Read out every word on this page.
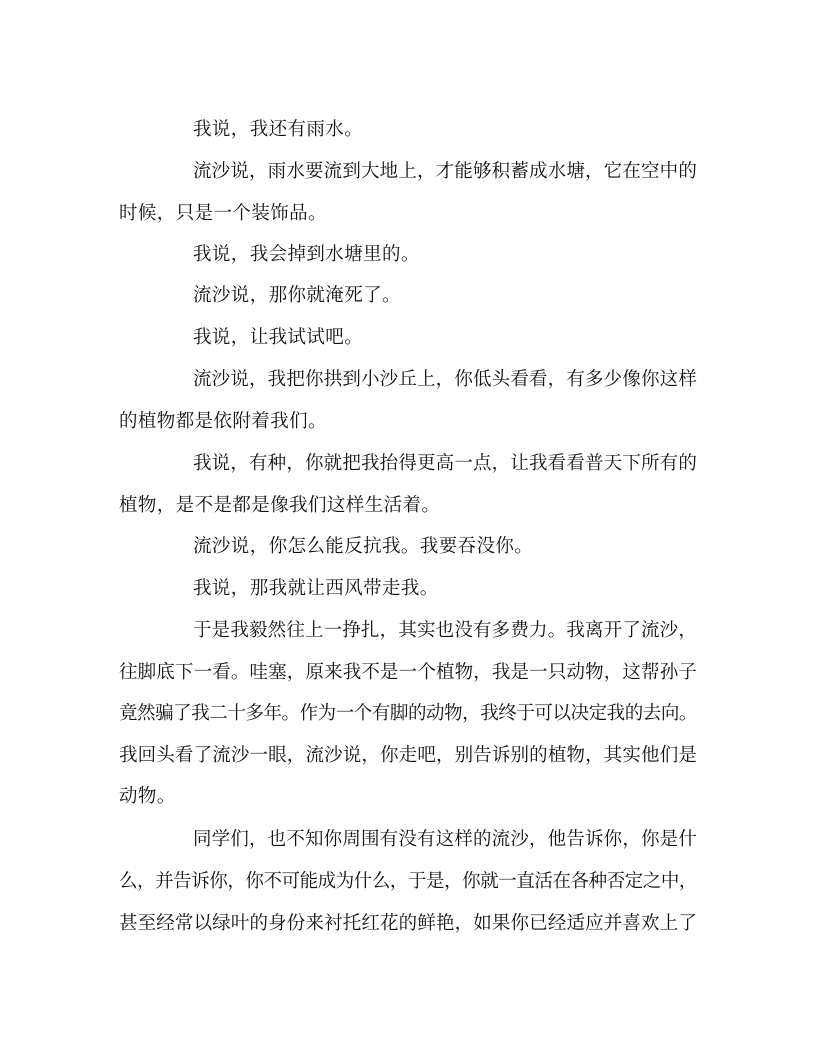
我说，我还有雨水。
流沙说，雨水要流到大地上，才能够积蓄成水塘，它在空中的
时候，只是一个装饰品。
我说，我会掉到水塘里的。
流沙说，那你就淹死了。
我说，让我试试吧。
流沙说，我把你拱到小沙丘上，你低头看看，有多少像你这样
的植物都是依附着我们。
我说，有种，你就把我抬得更高一点，让我看看普天下所有的
植物，是不是都是像我们这样生活着。
流沙说，你怎么能反抗我。我要吞没你。
我说，那我就让西风带走我。
于是我毅然往上一挣扎，其实也没有多费力。我离开了流沙，
往脚底下一看。哇塞，原来我不是一个植物，我是一只动物，这帮孙子
竟然骗了我二十多年。作为一个有脚的动物，我终于可以决定我的去向。
我回头看了流沙一眼，流沙说，你走吧，别告诉别的植物，其实他们是
动物。
同学们，也不知你周围有没有这样的流沙，他告诉你，你是什
么，并告诉你，你不可能成为什么，于是，你就一直活在各种否定之中，
甚至经常以绿叶的身份来衬托红花的鲜艳，如果你已经适应并喜欢上了
